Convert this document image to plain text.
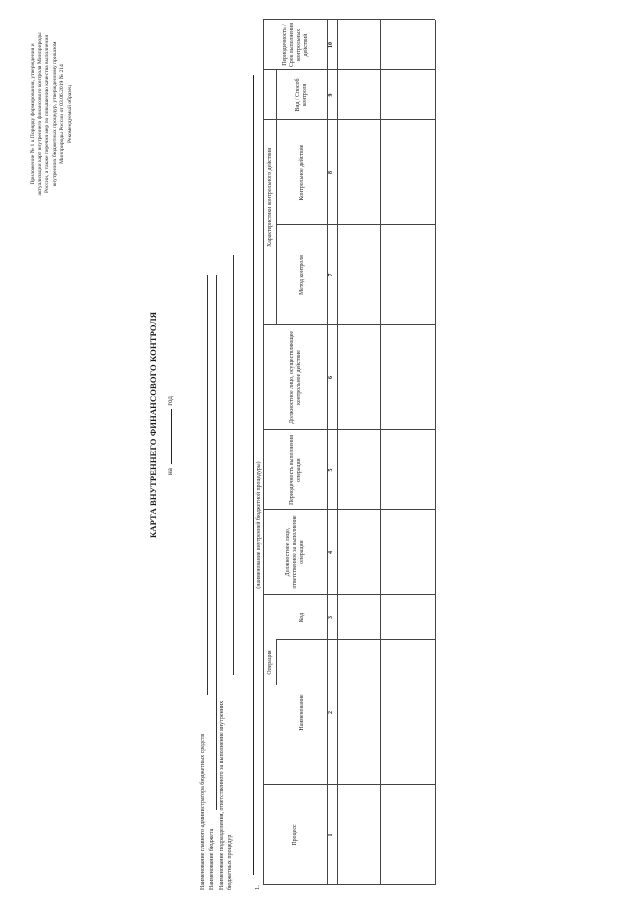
Приложение № 1 к Порядку формирования, утверждения и актуализации карт внутреннего финансового контроля Минприроды России, а также перечня мер по повышению качества выполнения внутренних бюджетных процедур, утвержденному приказом Минприроды России от 03.06.2019 № 214 Рекомендуемый образец
КАРТА ВНУТРЕННЕГО ФИНАНСОВОГО КОНТРОЛЯ на  год
Наименование главного администратора бюджетных средств Наименование бюджета Наименование подразделения, ответственного за выполнение внутренних бюджетных процедур	1.
(наименование внутренней бюджетной процедуры)
Операция
Характеристики контрольного действия
Процесс
Наименование
Код
Должностное лицо, ответственное за выполнение операции
Периодичность выполнения операции
Должностное лицо, осуществляющее контрольное действие
Метод контроля
Контрольное действие
Вид / Способ контроля
Периодичность / Срок выполнения контрольных действий
1
2
3
4
5
6
7
8
9
10
